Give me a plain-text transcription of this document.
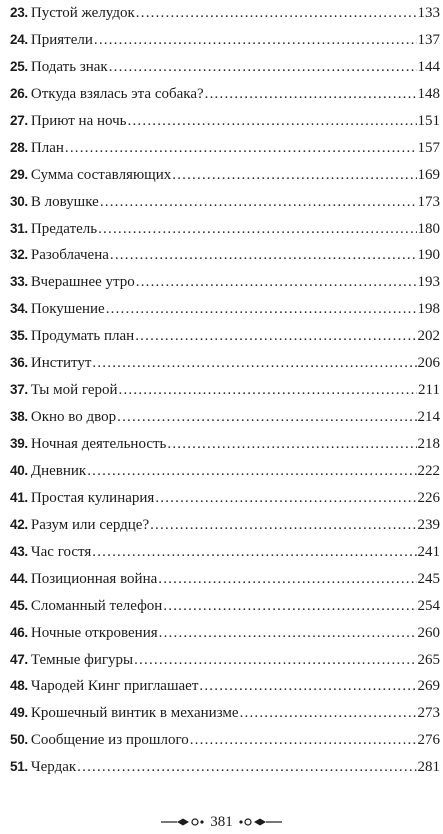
23. Пустой желудок .....	133
24. Приятели .....	137
25. Подать знак .....	144
26. Откуда взялась эта собака? .....	148
27. Приют на ночь .....	151
28. План .....	157
29. Сумма составляющих .....	169
30. В ловушке .....	173
31. Предатель .....	180
32. Разоблачена .....	190
33. Вчерашнее утро .....	193
34. Покушение .....	198
35. Продумать план .....	202
36. Институт .....	206
37. Ты мой герой .....	211
38. Окно во двор .....	214
39. Ночная деятельность .....	218
40. Дневник .....	222
41. Простая кулинария .....	226
42. Разум или сердце? .....	239
43. Час гостя .....	241
44. Позиционная война .....	245
45. Сломанный телефон .....	254
46. Ночные откровения .....	260
47. Темные фигуры .....	265
48. Чародей Кинг приглашает .....	269
49. Крошечный винтик в механизме .....	273
50. Сообщение из прошлого .....	276
51. Чердак .....	281
381
